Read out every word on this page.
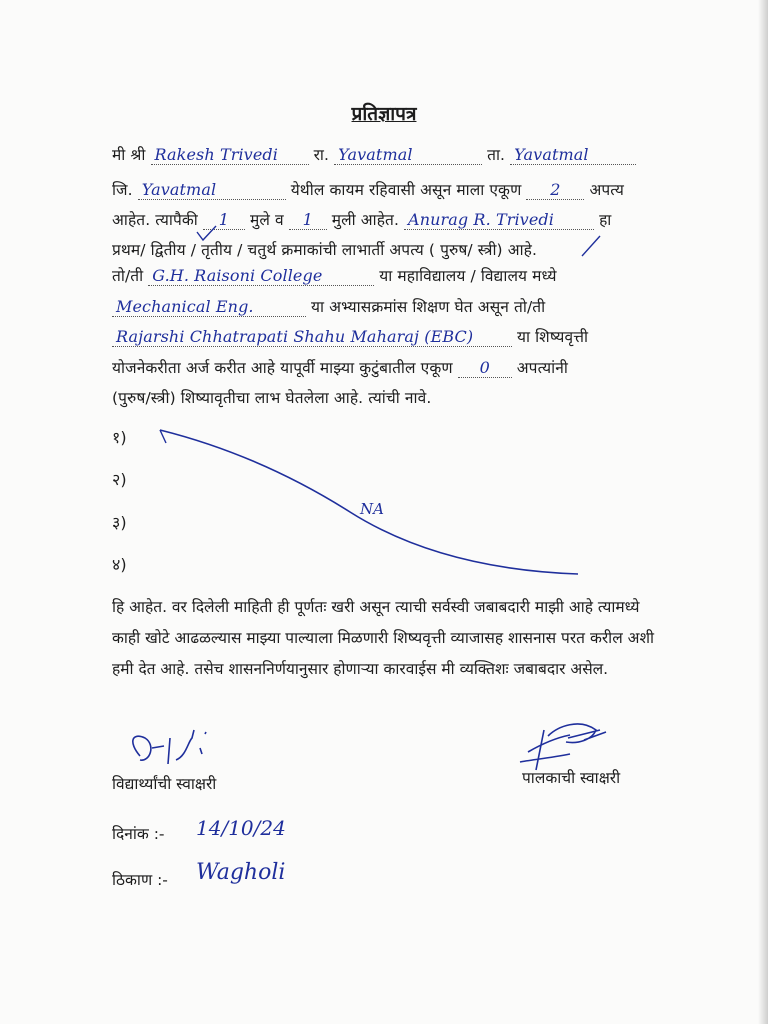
प्रतिज्ञापत्र
मी श्री Rakesh Trivedi रा. Yavatmal	ता. Yavatmal
जि. Yavatmal	येथील कायम रहिवासी असून माला एकूण 2 अपत्य
आहेत. त्यापैकी 1 मुले व 1 मुली आहेत. Anurag R. Trivedi	हा
प्रथम/ द्वितीय / तृतीय / चतुर्थ क्रमाकांची लाभार्ती अपत्य ( पुरुष/ स्त्री) आहे.
तो/ती G.H. Raisoni College	या महाविद्यालय / विद्यालय मध्ये
Mechanical Eng.	या अभ्यासक्रमांस शिक्षण घेत असून तो/ती
Rajarshi Chhatrapati Shahu Maharaj (EBC)	या शिष्यवृत्ती
योजनेकरीता अर्ज करीत आहे यापूर्वी माझ्या कुटुंबातील एकूण 0 अपत्यांनी
(पुरुष/स्त्री) शिष्यावृतीचा लाभ घेतलेला आहे. त्यांची नावे.
१)
२)
३)
४)
NA
हि आहेत. वर दिलेली माहिती ही पूर्णतः खरी असून त्याची सर्वस्वी जबाबदारी माझी आहे त्यामध्ये काही खोटे आढळल्यास माझ्या पाल्याला मिळणारी शिष्यवृत्ती व्याजासह शासनास परत करील अशी हमी देत आहे. तसेच शासननिर्णयानुसार होणाऱ्या कारवाईस मी व्यक्तिशः जबाबदार असेल.
विद्यार्थ्यांची स्वाक्षरी	पालकाची स्वाक्षरी
दिनांक :- 14/10/24
ठिकाण :- Wagholi
